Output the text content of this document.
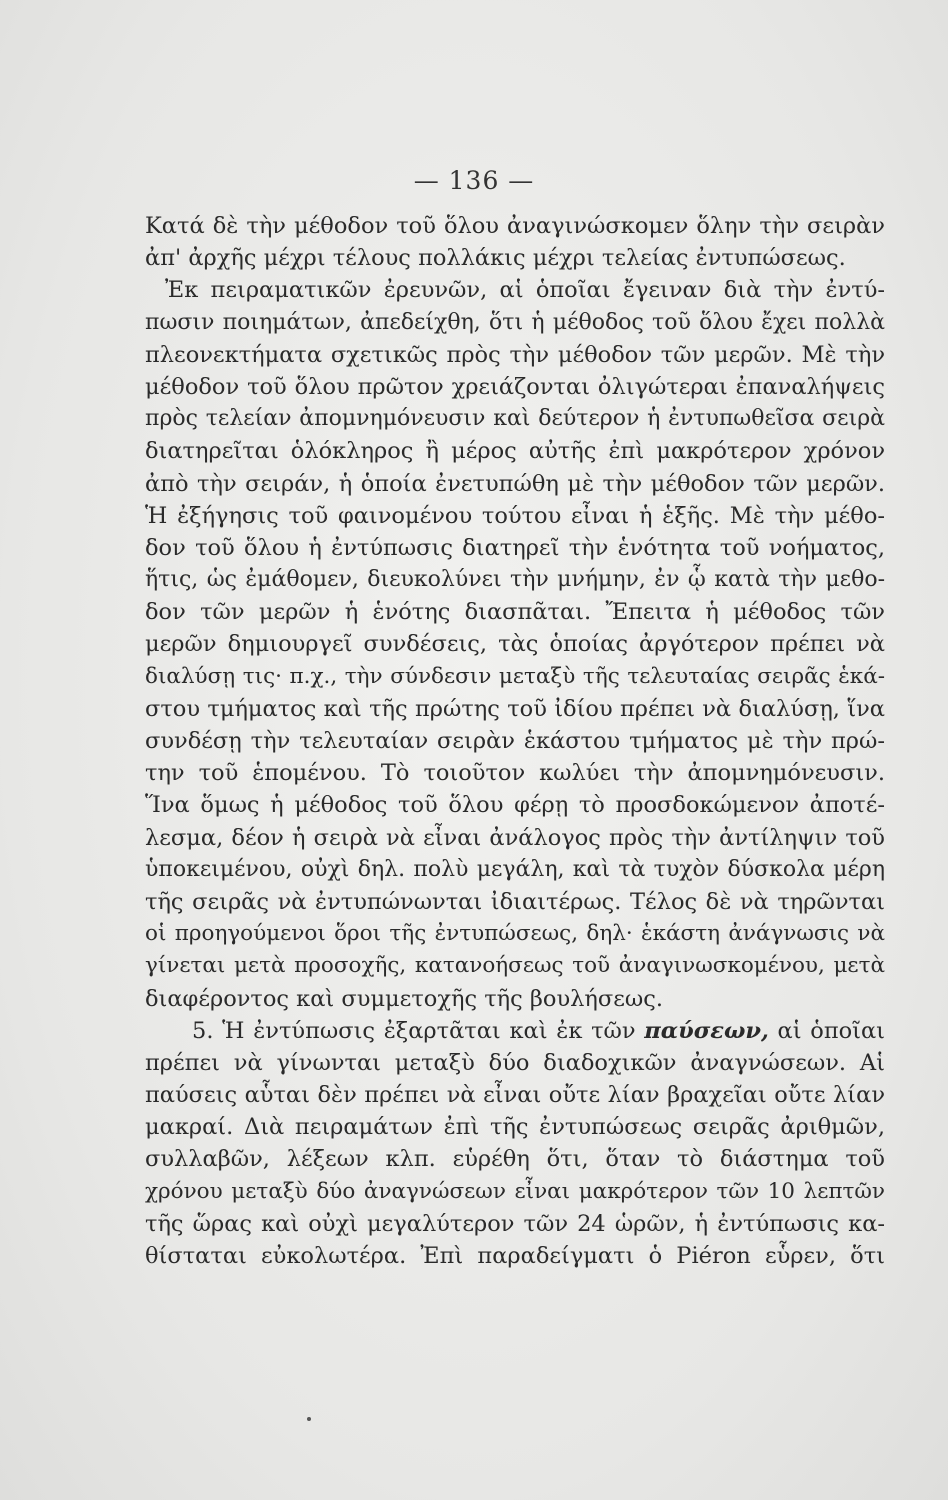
— 136 —
Κατά δὲ τὴν μέθοδον τοῦ ὅλου ἀναγινώσκομεν ὅλην τὴν σειρὰν
ἀπ' ἀρχῆς μέχρι τέλους πολλάκις μέχρι τελείας ἐντυπώσεως.
Ἐκ πειραματικῶν ἐρευνῶν, αἱ ὁποῖαι ἔγειναν διὰ τὴν ἐντύ-
πωσιν ποιημάτων, ἀπεδείχθη, ὅτι ἡ μέθοδος τοῦ ὅλου ἔχει πολλὰ
πλεονεκτήματα σχετικῶς πρὸς τὴν μέθοδον τῶν μερῶν. Μὲ τὴν
μέθοδον τοῦ ὅλου πρῶτον χρειάζονται ὀλιγώτεραι ἐπαναλήψεις
πρὸς τελείαν ἀπομνημόνευσιν καὶ δεύτερον ἡ ἐντυπωθεῖσα σειρὰ
διατηρεῖται ὁλόκληρος ἢ μέρος αὐτῆς ἐπὶ μακρότερον χρόνον
ἀπὸ τὴν σειράν, ἡ ὁποία ἐνετυπώθη μὲ τὴν μέθοδον τῶν μερῶν.
Ἡ ἐξήγησις τοῦ φαινομένου τούτου εἶναι ἡ ἑξῆς. Μὲ τὴν μέθο-
δον τοῦ ὅλου ἡ ἐντύπωσις διατηρεῖ τὴν ἑνότητα τοῦ νοήματος,
ἥτις, ὡς ἐμάθομεν, διευκολύνει τὴν μνήμην, ἐν ᾧ κατὰ τὴν μεθο-
δον τῶν μερῶν ἡ ἑνότης διασπᾶται. Ἔπειτα ἡ μέθοδος τῶν
μερῶν δημιουργεῖ συνδέσεις, τὰς ὁποίας ἀργότερον πρέπει νὰ
διαλύσῃ τις· π.χ., τὴν σύνδεσιν μεταξὺ τῆς τελευταίας σειρᾶς ἑκά-
στου τμήματος καὶ τῆς πρώτης τοῦ ἰδίου πρέπει νὰ διαλύσῃ, ἵνα
συνδέσῃ τὴν τελευταίαν σειρὰν ἑκάστου τμήματος μὲ τὴν πρώ-
την τοῦ ἑπομένου. Τὸ τοιοῦτον κωλύει τὴν ἀπομνημόνευσιν.
Ἵνα ὅμως ἡ μέθοδος τοῦ ὅλου φέρῃ τὸ προσδοκώμενον ἀποτέ-
λεσμα, δέον ἡ σειρὰ νὰ εἶναι ἀνάλογος πρὸς τὴν ἀντίληψιν τοῦ
ὑποκειμένου, οὐχὶ δηλ. πολὺ μεγάλη, καὶ τὰ τυχὸν δύσκολα μέρη
τῆς σειρᾶς νὰ ἐντυπώνωνται ἰδιαιτέρως. Τέλος δὲ νὰ τηρῶνται
οἱ προηγούμενοι ὅροι τῆς ἐντυπώσεως, δηλ· ἑκάστη ἀνάγνωσις νὰ
γίνεται μετὰ προσοχῆς, κατανοήσεως τοῦ ἀναγινωσκομένου, μετὰ
διαφέροντος καὶ συμμετοχῆς τῆς βουλήσεως.
5. Ἡ ἐντύπωσις ἐξαρτᾶται καὶ ἐκ τῶν παύσεων, αἱ ὁποῖαι
πρέπει νὰ γίνωνται μεταξὺ δύο διαδοχικῶν ἀναγνώσεων. Αἱ
παύσεις αὗται δὲν πρέπει νὰ εἶναι οὔτε λίαν βραχεῖαι οὔτε λίαν
μακραί. Διὰ πειραμάτων ἐπὶ τῆς ἐντυπώσεως σειρᾶς ἀριθμῶν,
συλλαβῶν, λέξεων κλπ. εὑρέθη ὅτι, ὅταν τὸ διάστημα τοῦ
χρόνου μεταξὺ δύο ἀναγνώσεων εἶναι μακρότερον τῶν 10 λεπτῶν
τῆς ὥρας καὶ οὐχὶ μεγαλύτερον τῶν 24 ὡρῶν, ἡ ἐντύπωσις κα-
θίσταται εὐκολωτέρα. Ἐπὶ παραδείγματι ὁ Piéron εὗρεν, ὅτι
